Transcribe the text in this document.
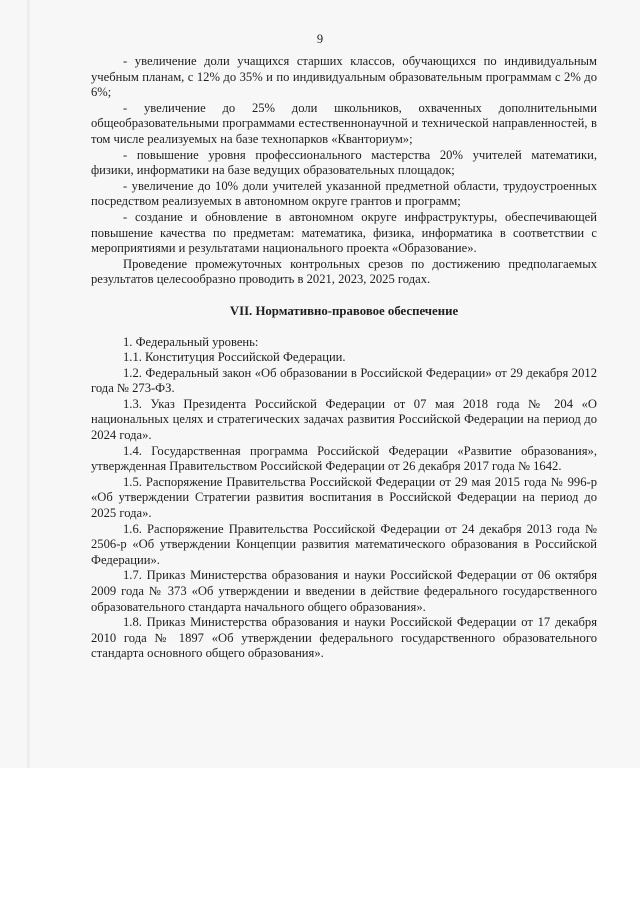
9

- увеличение доли учащихся старших классов, обучающихся по индивидуальным учебным планам, с 12% до 35% и по индивидуальным образовательным программам с 2% до 6%;

- увеличение до 25% доли школьников, охваченных дополнительными общеобразовательными программами естественнонаучной и технической направленностей, в том числе реализуемых на базе технопарков «Кванториум»;

- повышение уровня профессионального мастерства 20% учителей математики, физики, информатики на базе ведущих образовательных площадок;

- увеличение до 10% доли учителей указанной предметной области, трудоустроенных посредством реализуемых в автономном округе грантов и программ;

- создание и обновление в автономном округе инфраструктуры, обеспечивающей повышение качества по предметам: математика, физика, информатика в соответствии с мероприятиями и результатами национального проекта «Образование».

Проведение промежуточных контрольных срезов по достижению предполагаемых результатов целесообразно проводить в 2021, 2023, 2025 годах.

VII. Нормативно-правовое обеспечение

1. Федеральный уровень:

1.1. Конституция Российской Федерации.

1.2. Федеральный закон «Об образовании в Российской Федерации» от 29 декабря 2012 года № 273-ФЗ.

1.3. Указ Президента Российской Федерации от 07 мая 2018 года № 204 «О национальных целях и стратегических задачах развития Российской Федерации на период до 2024 года».

1.4. Государственная программа Российской Федерации «Развитие образования», утвержденная Правительством Российской Федерации от 26 декабря 2017 года № 1642.

1.5. Распоряжение Правительства Российской Федерации от 29 мая 2015 года № 996-р «Об утверждении Стратегии развития воспитания в Российской Федерации на период до 2025 года».

1.6. Распоряжение Правительства Российской Федерации от 24 декабря 2013 года № 2506-р «Об утверждении Концепции развития математического образования в Российской Федерации».

1.7. Приказ Министерства образования и науки Российской Федерации от 06 октября 2009 года № 373 «Об утверждении и введении в действие федерального государственного образовательного стандарта начального общего образования».

1.8. Приказ Министерства образования и науки Российской Федерации от 17 декабря 2010 года № 1897 «Об утверждении федерального государственного образовательного стандарта основного общего образования».
